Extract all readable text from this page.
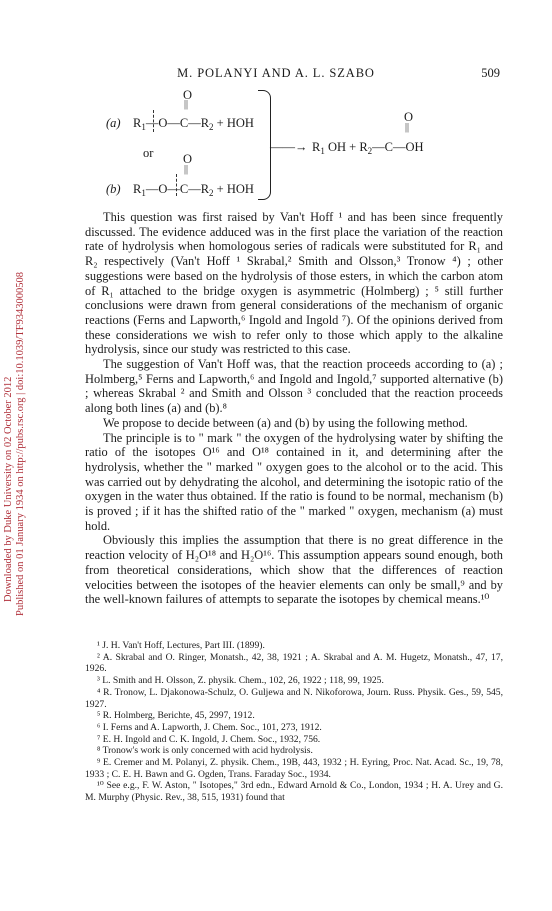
Downloaded by Duke University on 02 October 2012 Published on 01 January 1934 on http://pubs.rsc.org | doi:10.1039/TF9343000508
M. POLANYI AND A. L. SZABO	509
O
||
(a) $R_1—O—C—R_2$ + HOH
or O
||
(b) $R_1—O—C—R_2$ + HOH
O
||
——→ $R_1$ OH + $R_2—C—OH$

This question was first raised by Van't Hoff ¹ and has been since frequently discussed. The evidence adduced was in the first place the variation of the reaction rate of hydrolysis when homologous series of radicals were substituted for R₁ and R₂ respectively (Van't Hoff ¹ Skrabal,² Smith and Olsson,³ Tronow ⁴) ; other suggestions were based on the hydrolysis of those esters, in which the carbon atom of R₁ attached to the bridge oxygen is asymmetric (Holmberg) ; ⁵ still further conclusions were drawn from general considerations of the mechanism of organic reactions (Ferns and Lapworth,⁶ Ingold and Ingold ⁷). Of the opinions derived from these considerations we wish to refer only to those which apply to the alkaline hydrolysis, since our study was restricted to this case.

The suggestion of Van't Hoff was, that the reaction proceeds according to (a) ; Holmberg,⁵ Ferns and Lapworth,⁶ and Ingold and Ingold,⁷ supported alternative (b) ; whereas Skrabal ² and Smith and Olsson ³ concluded that the reaction proceeds along both lines (a) and (b).⁸

We propose to decide between (a) and (b) by using the following method.

The principle is to " mark " the oxygen of the hydrolysing water by shifting the ratio of the isotopes O¹⁶ and O¹⁸ contained in it, and determining after the hydrolysis, whether the " marked " oxygen goes to the alcohol or to the acid. This was carried out by dehydrating the alcohol, and determining the isotopic ratio of the oxygen in the water thus obtained. If the ratio is found to be normal, mechanism (b) is proved ; if it has the shifted ratio of the " marked " oxygen, mechanism (a) must hold.

Obviously this implies the assumption that there is no great difference in the reaction velocity of H₂O¹⁸ and H₂O¹⁶. This assumption appears sound enough, both from theoretical considerations, which show that the differences of reaction velocities between the isotopes of the heavier elements can only be small,⁹ and by the well-known failures of attempts to separate the isotopes by chemical means.¹⁰

¹ J. H. Van't Hoff, Lectures, Part III. (1899).

² A. Skrabal and O. Ringer, Monatsh., 42, 38, 1921 ; A. Skrabal and A. M. Hugetz, Monatsh., 47, 17, 1926.

³ L. Smith and H. Olsson, Z. physik. Chem., 102, 26, 1922 ; 118, 99, 1925.

⁴ R. Tronow, L. Djakonowa-Schulz, O. Guljewa and N. Nikoforowa, Journ. Russ. Physik. Ges., 59, 545, 1927.

⁵ R. Holmberg, Berichte, 45, 2997, 1912.

⁶ I. Ferns and A. Lapworth, J. Chem. Soc., 101, 273, 1912.

⁷ E. H. Ingold and C. K. Ingold, J. Chem. Soc., 1932, 756.

⁸ Tronow's work is only concerned with acid hydrolysis.

⁹ E. Cremer and M. Polanyi, Z. physik. Chem., 19B, 443, 1932 ; H. Eyring, Proc. Nat. Acad. Sc., 19, 78, 1933 ; C. E. H. Bawn and G. Ogden, Trans. Faraday Soc., 1934.

¹⁰ See e.g., F. W. Aston, " Isotopes," 3rd edn., Edward Arnold & Co., London, 1934 ; H. A. Urey and G. M. Murphy (Physic. Rev., 38, 515, 1931) found that
